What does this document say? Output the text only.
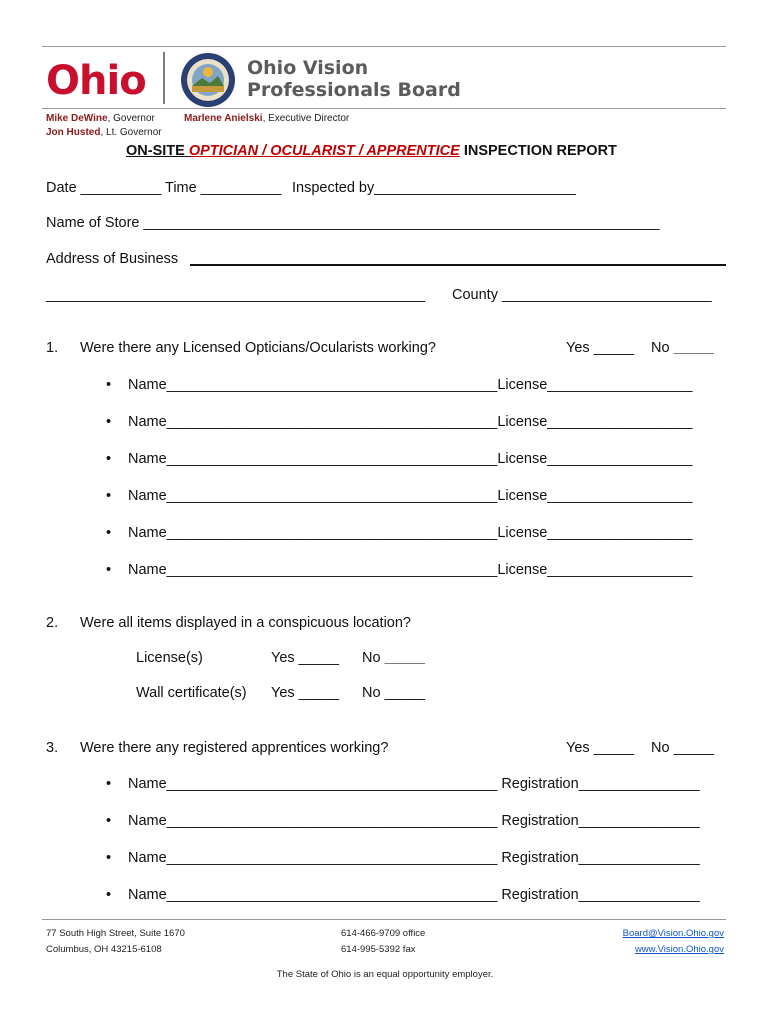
Ohio	Ohio Vision
Professionals Board
Mike DeWine, Governor
Jon Husted, Lt. Governor
Marlene Anielski, Executive Director
ON-SITE OPTICIAN / OCULARIST / APPRENTICE INSPECTION REPORT
Date __________ Time __________ Inspected by_________________________
Name of Store ________________________________________________________________
Address of Business
_______________________________________________ County __________________________
1. Were there any Licensed Opticians/Ocularists working?	Yes _____ No _____
• Name_________________________________________License__________________
• Name_________________________________________License__________________
• Name_________________________________________License__________________
• Name_________________________________________License__________________
• Name_________________________________________License__________________
• Name_________________________________________License__________________
2. Were all items displayed in a conspicuous location?
License(s)	Yes _____ No _____
Wall certificate(s) Yes _____ No _____
3. Were there any registered apprentices working?	Yes _____ No _____
• Name_________________________________________ Registration_______________
• Name_________________________________________ Registration_______________
• Name_________________________________________ Registration_______________
• Name_________________________________________ Registration_______________
77 South High Street, Suite 1670
Columbus, OH 43215-6108
614-466-9709 office
614-995-5392 fax
Board@Vision.Ohio.gov
www.Vision.Ohio.gov
The State of Ohio is an equal opportunity employer.
